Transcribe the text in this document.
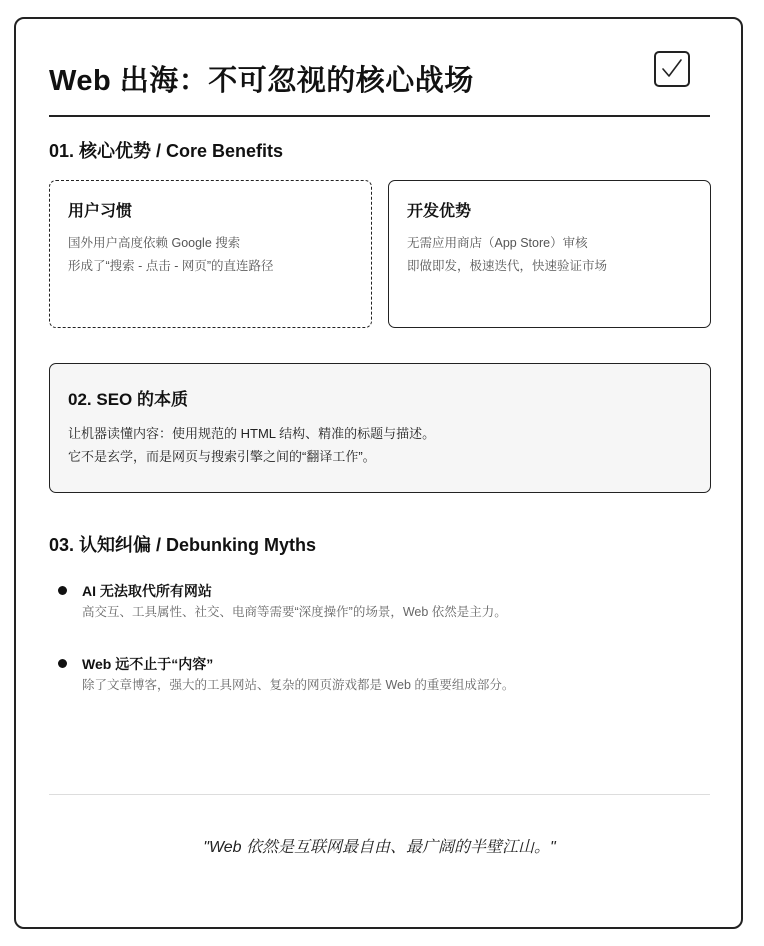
Web 出海：不可忽视的核心战场
01. 核心优势 / Core Benefits
用户习惯
国外用户高度依赖 Google 搜索
形成了“搜索 - 点击 - 网页”的直连路径
开发优势
无需应用商店（App Store）审核
即做即发，极速迭代，快速验证市场
02. SEO 的本质
让机器读懂内容：使用规范的 HTML 结构、精准的标题与描述。
它不是玄学，而是网页与搜索引擎之间的“翻译工作”。
03. 认知纠偏 / Debunking Myths
AI 无法取代所有网站
高交互、工具属性、社交、电商等需要“深度操作”的场景，Web 依然是主力。
Web 远不止于“内容”
除了文章博客，强大的工具网站、复杂的网页游戏都是 Web 的重要组成部分。
"Web 依然是互联网最自由、最广阔的半壁江山。"
